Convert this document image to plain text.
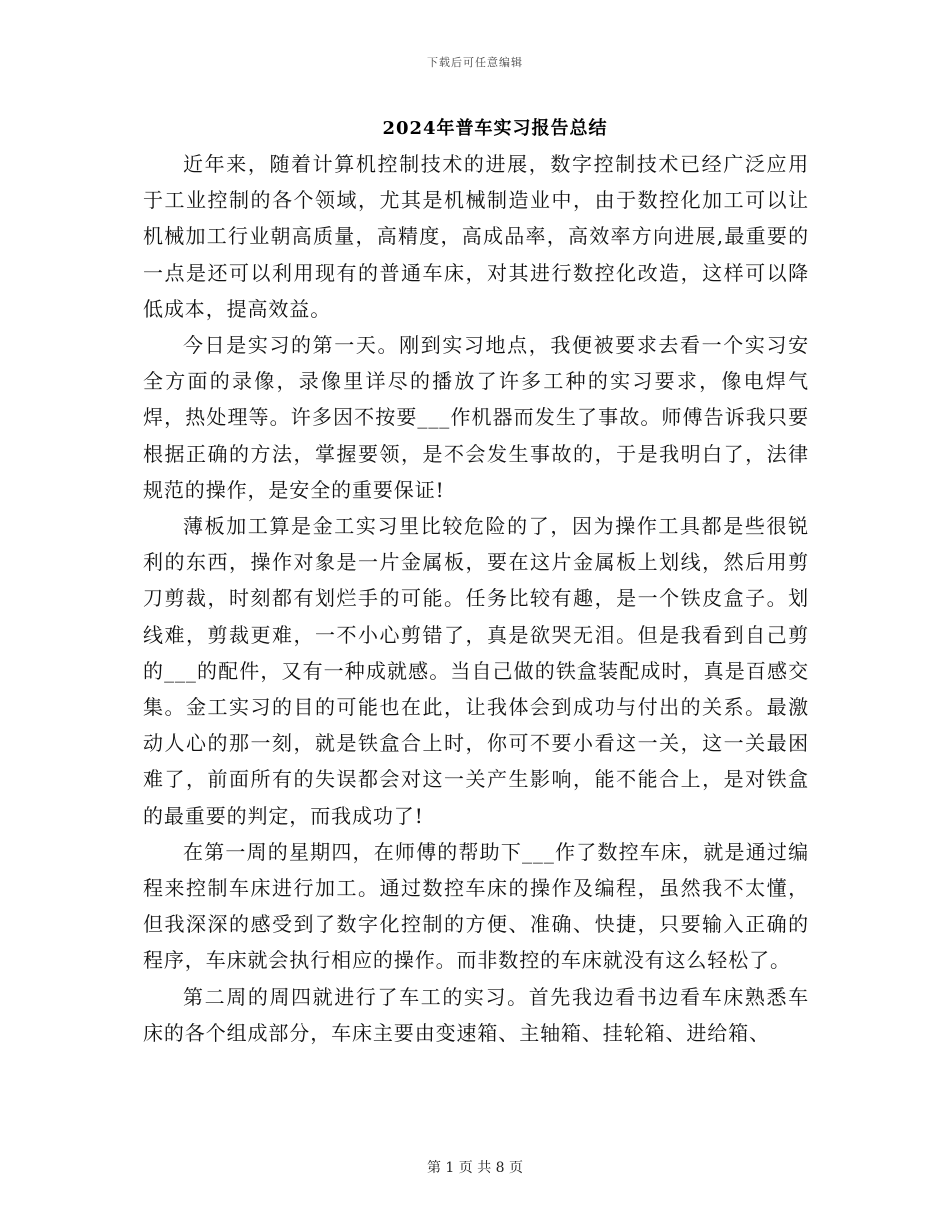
下载后可任意编辑
2024年普车实习报告总结

近年来，随着计算机控制技术的进展，数字控制技术已经广泛应用于工业控制的各个领域，尤其是机械制造业中，由于数控化加工可以让机械加工行业朝高质量，高精度，高成品率，高效率方向进展,最重要的一点是还可以利用现有的普通车床，对其进行数控化改造，这样可以降低成本，提高效益。

今日是实习的第一天。刚到实习地点，我便被要求去看一个实习安全方面的录像，录像里详尽的播放了许多工种的实习要求，像电焊气焊，热处理等。许多因不按要___作机器而发生了事故。师傅告诉我只要根据正确的方法，掌握要领，是不会发生事故的，于是我明白了，法律规范的操作，是安全的重要保证!

薄板加工算是金工实习里比较危险的了，因为操作工具都是些很锐利的东西，操作对象是一片金属板，要在这片金属板上划线，然后用剪刀剪裁，时刻都有划烂手的可能。任务比较有趣，是一个铁皮盒子。划线难，剪裁更难，一不小心剪错了，真是欲哭无泪。但是我看到自己剪的___的配件，又有一种成就感。当自己做的铁盒装配成时，真是百感交集。金工实习的目的可能也在此，让我体会到成功与付出的关系。最激动人心的那一刻，就是铁盒合上时，你可不要小看这一关，这一关最困难了，前面所有的失误都会对这一关产生影响，能不能合上，是对铁盒的最重要的判定，而我成功了!

在第一周的星期四，在师傅的帮助下___作了数控车床，就是通过编程来控制车床进行加工。通过数控车床的操作及编程，虽然我不太懂，但我深深的感受到了数字化控制的方便、准确、快捷，只要输入正确的程序，车床就会执行相应的操作。而非数控的车床就没有这么轻松了。

第二周的周四就进行了车工的实习。首先我边看书边看车床熟悉车床的各个组成部分，车床主要由变速箱、主轴箱、挂轮箱、进给箱、

第 1 页 共 8 页
